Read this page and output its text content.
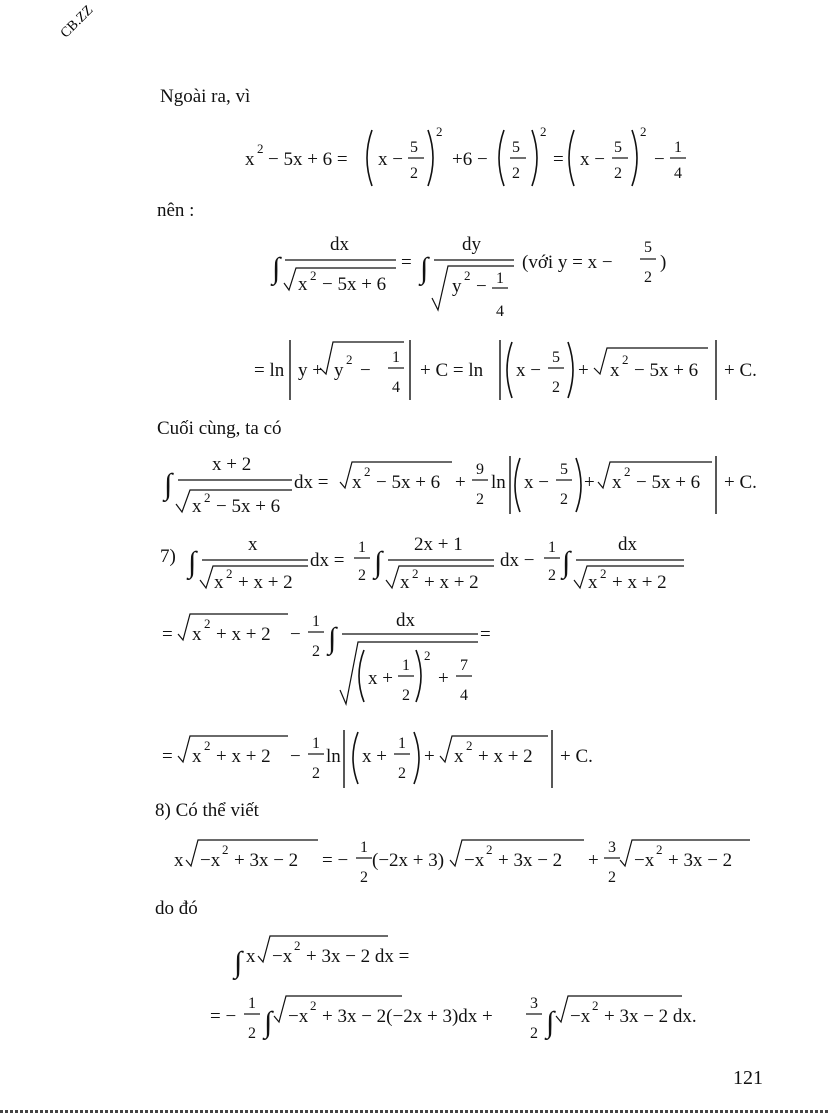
CB.ZZ
Ngoài ra, vì
nên :
Cuối cùng, ta có
8) Có thể viết
do đó
x
2
− 5x + 6 = x −
5
2
2
+6 −
5
2
2
= x −
5
2
2
−
1
4
∫
dx
x 2 − 5x + 6
= ∫
dy
y
2
− 1
4
(với y = x −
5
2
)
= ln y + y
2
−
1
4
+ C = ln x −
5
2
+ x
2
− 5x + 6 + C.
∫
x + 2
x 2 − 5x + 6
dx = x
2
− 5x + 6 +
9
2
ln x −
5
2
+ x
2
− 5x + 6 + C.
7) ∫
x
x 2 + x + 2
dx =
1
2 ∫
2x + 1
x 2 + x + 2
dx −
1
2 ∫
dx
x 2 + x + 2
= x
2
+ x + 2 −
1
2 ∫
dx
=
x +
1
2
2
+
7
4
= x
2
+ x + 2 −
1
2
ln x +
1
2
+ x
2
+ x + 2 + C.
x −x
2
+ 3x − 2 = −
1
2
(−2x + 3) −x
2
+ 3x − 2 +
3
2
−x
2
+ 3x − 2
∫ x −x
2
+ 3x − 2 dx =
= −
1
2 ∫ −x
2
+ 3x − 2(−2x + 3)dx +
3
2 ∫ −x
2
+ 3x − 2 dx.
121
